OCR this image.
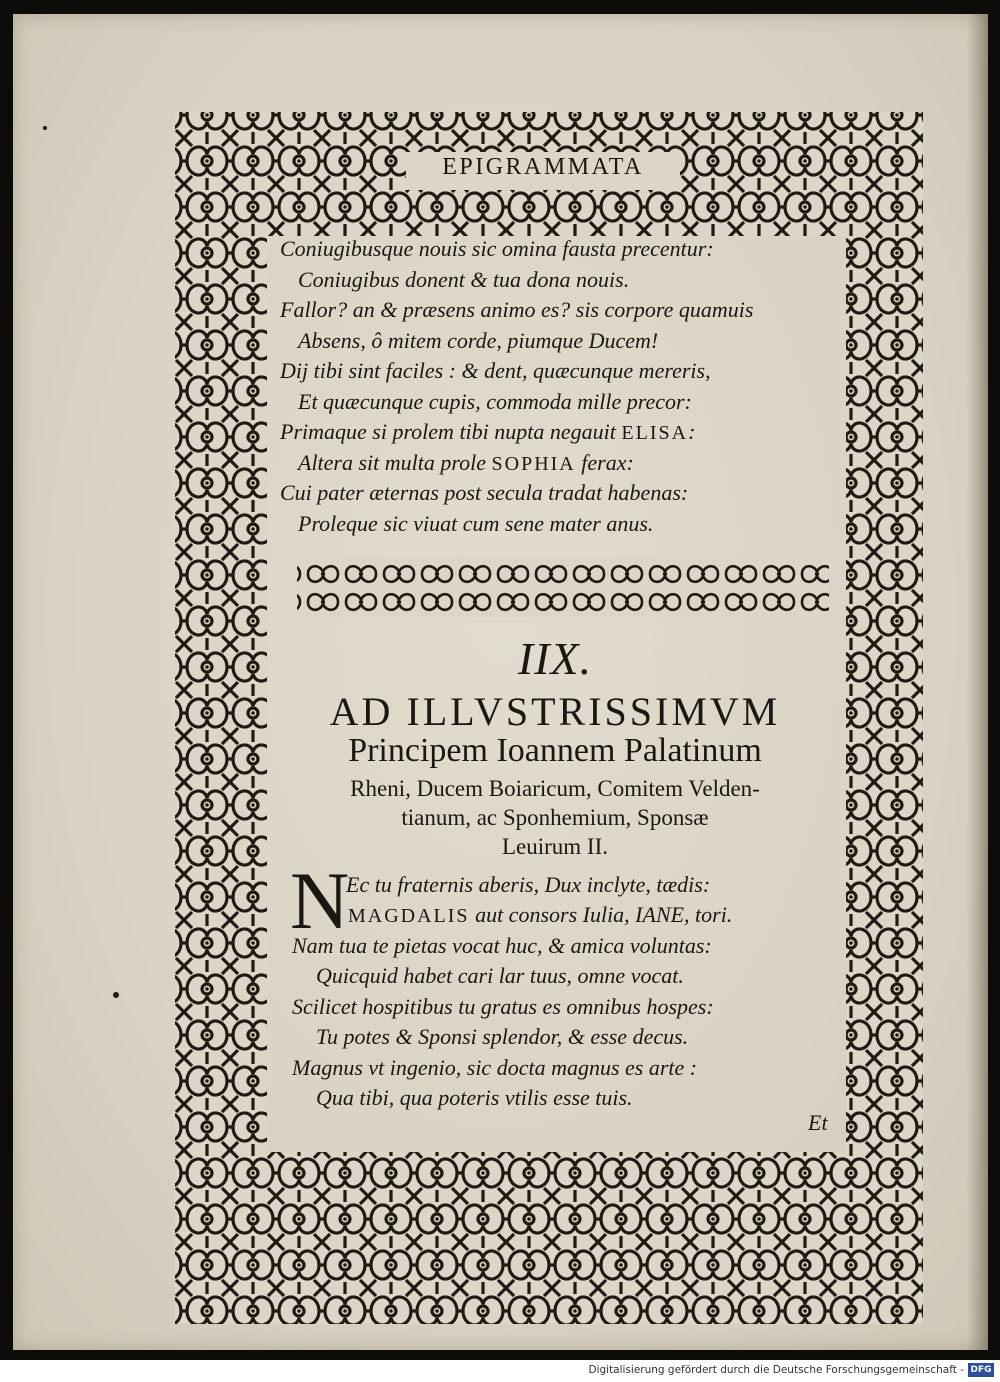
EPIGRAMMATA
Coniugibusque nouis sic omina fausta precentur:
Coniugibus donent & tua dona nouis.
Fallor? an & præsens animo es? sis corpore quamuis
Absens, ô mitem corde, piumque Ducem!
Dij tibi sint faciles : & dent, quæcunque mereris,
Et quæcunque cupis, commoda mille precor:
Primaque si prolem tibi nupta negauit ELISA:
Altera sit multa prole SOPHIA ferax:
Cui pater æternas post secula tradat habenas:
Proleque sic viuat cum sene mater anus.
IIX.
AD ILLVSTRISSIMVM
Principem Ioannem Palatinum
Rheni, Ducem Boiaricum, Comitem Velden-
tianum, ac Sponhemium, Sponsæ
Leuirum II.
N
Ec tu fraternis aberis, Dux inclyte, tædis:
MAGDALIS aut consors Iulia, IANE, tori.
Nam tua te pietas vocat huc, & amica voluntas:
Quicquid habet cari lar tuus, omne vocat.
Scilicet hospitibus tu gratus es omnibus hospes:
Tu potes & Sponsi splendor, & esse decus.
Magnus vt ingenio, sic docta magnus es arte :
Qua tibi, qua poteris vtilis esse tuis.
Et
Digitalisierung gefördert durch die Deutsche Forschungsgemeinschaft - DFG
